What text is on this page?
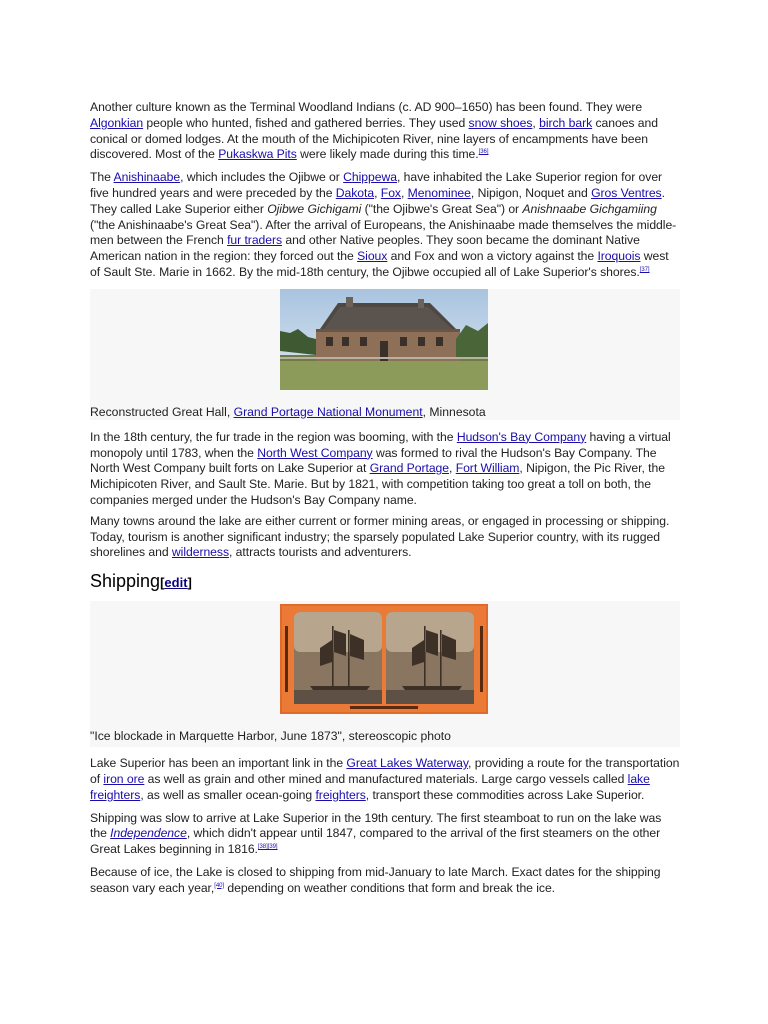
Another culture known as the Terminal Woodland Indians (c. AD 900–1650) has been found. They were Algonkian people who hunted, fished and gathered berries. They used snow shoes, birch bark canoes and conical or domed lodges. At the mouth of the Michipicoten River, nine layers of encampments have been discovered. Most of the Pukaskwa Pits were likely made during this time.[36]

The Anishinaabe, which includes the Ojibwe or Chippewa, have inhabited the Lake Superior region for over five hundred years and were preceded by the Dakota, Fox, Menominee, Nipigon, Noquet and Gros Ventres. They called Lake Superior either Ojibwe Gichigami ("the Ojibwe's Great Sea") or Anishnaabe Gichgamiing ("the Anishinaabe's Great Sea"). After the arrival of Europeans, the Anishinaabe made themselves the middle-men between the French fur traders and other Native peoples. They soon became the dominant Native American nation in the region: they forced out the Sioux and Fox and won a victory against the Iroquois west of Sault Ste. Marie in 1662. By the mid-18th century, the Ojibwe occupied all of Lake Superior's shores.[37]

Reconstructed Great Hall, Grand Portage National Monument, Minnesota

In the 18th century, the fur trade in the region was booming, with the Hudson's Bay Company having a virtual monopoly until 1783, when the North West Company was formed to rival the Hudson's Bay Company. The North West Company built forts on Lake Superior at Grand Portage, Fort William, Nipigon, the Pic River, the Michipicoten River, and Sault Ste. Marie. But by 1821, with competition taking too great a toll on both, the companies merged under the Hudson's Bay Company name.

Many towns around the lake are either current or former mining areas, or engaged in processing or shipping. Today, tourism is another significant industry; the sparsely populated Lake Superior country, with its rugged shorelines and wilderness, attracts tourists and adventurers.

Shipping[edit]
"Ice blockade in Marquette Harbor, June 1873", stereoscopic photo

Lake Superior has been an important link in the Great Lakes Waterway, providing a route for the transportation of iron ore as well as grain and other mined and manufactured materials. Large cargo vessels called lake freighters, as well as smaller ocean-going freighters, transport these commodities across Lake Superior.

Shipping was slow to arrive at Lake Superior in the 19th century. The first steamboat to run on the lake was the Independence, which didn't appear until 1847, compared to the arrival of the first steamers on the other Great Lakes beginning in 1816.[38][39]

Because of ice, the Lake is closed to shipping from mid-January to late March. Exact dates for the shipping season vary each year,[40] depending on weather conditions that form and break the ice.
